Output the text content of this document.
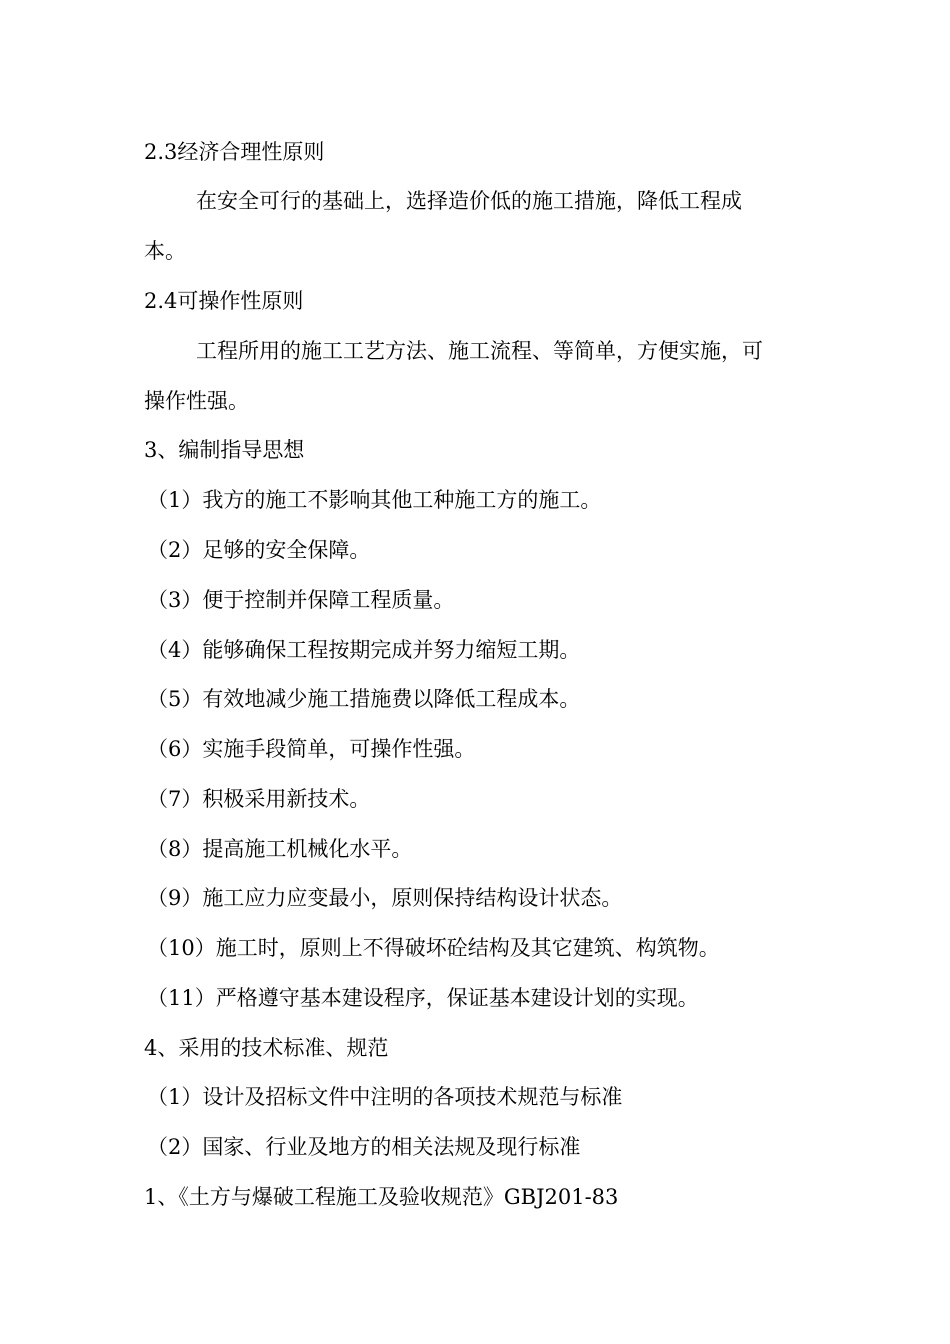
2.3经济合理性原则
在安全可行的基础上，选择造价低的施工措施，降低工程成
本。
2.4可操作性原则
工程所用的施工工艺方法、施工流程、等简单，方便实施，可
操作性强。
3、编制指导思想
（1）我方的施工不影响其他工种施工方的施工。
（2）足够的安全保障。
（3）便于控制并保障工程质量。
（4）能够确保工程按期完成并努力缩短工期。
（5）有效地减少施工措施费以降低工程成本。
（6）实施手段简单，可操作性强。
（7）积极采用新技术。
（8）提高施工机械化水平。
（9）施工应力应变最小，原则保持结构设计状态。
（10）施工时，原则上不得破坏砼结构及其它建筑、构筑物。
（11）严格遵守基本建设程序，保证基本建设计划的实现。
4、采用的技术标准、规范
（1）设计及招标文件中注明的各项技术规范与标准
（2）国家、行业及地方的相关法规及现行标准
1、《土方与爆破工程施工及验收规范》GBJ201-83
